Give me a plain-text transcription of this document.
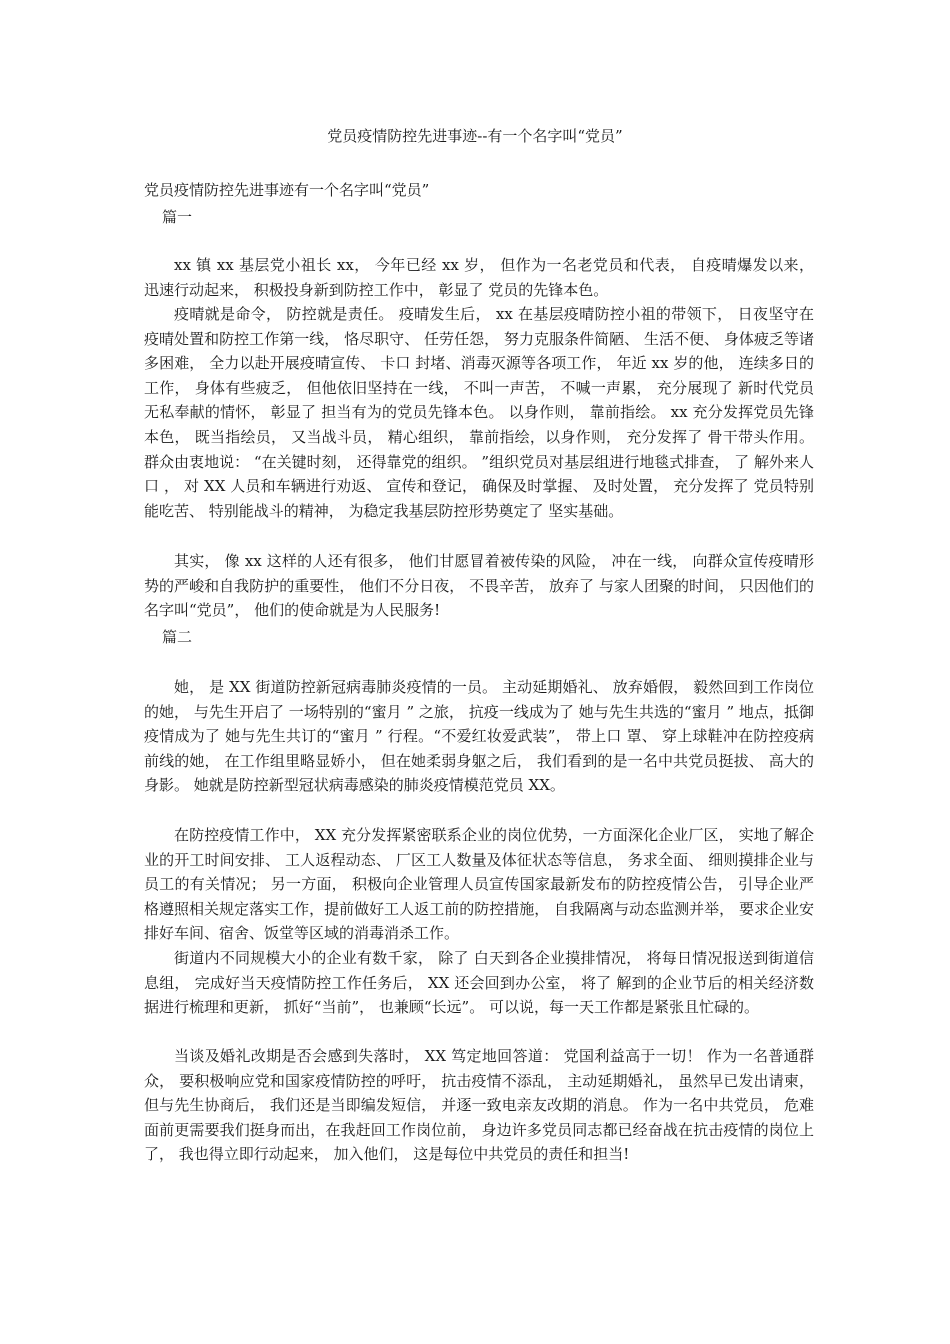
党员疫情防控先进事迹--有一个名字叫“党员”
党员疫情防控先进事迹有一个名字叫“党员”
篇一

xx 镇 xx 基层党小祖长 xx， 今年已经 xx 岁， 但作为一名老党员和代表， 自疫晴爆发以来， 迅速行动起来， 积极投身新到防控工作中， 彰显了 党员的先锋本色。

疫晴就是命令， 防控就是责任。 疫晴发生后， xx 在基层疫晴防控小祖的带领下， 日夜坚守在疫晴处置和防控工作第一线， 恪尽职守、 任劳任怨， 努力克服条件简陋、 生活不便、 身体疲乏等诸多困难， 全力以赴开展疫晴宣传、 卡口 封堵、消毒灭源等各项工作， 年近 xx 岁的他， 连续多日的工作， 身体有些疲乏， 但他依旧坚持在一线， 不叫一声苦， 不喊一声累， 充分展现了 新时代党员无私奉献的情怀， 彰显了 担当有为的党员先锋本色。 以身作则， 靠前指绘。 xx 充分发挥党员先锋本色， 既当指绘员， 又当战斗员， 精心组织， 靠前指绘，以身作则， 充分发挥了 骨干带头作用。 群众由衷地说： “在关键时刻， 还得靠党的组织。 ”组织党员对基层组进行地毯式排查， 了 解外来人口 ， 对 XX 人员和车辆进行劝返、 宣传和登记， 确保及时掌握、 及时处置， 充分发挥了 党员特别能吃苦、 特别能战斗的精神， 为稳定我基层防控形势奠定了 坚实基础。

其实， 像 xx 这样的人还有很多， 他们甘愿冒着被传染的风险， 冲在一线， 向群众宣传疫晴形势的严峻和自我防护的重要性， 他们不分日夜， 不畏辛苦， 放弃了 与家人团聚的时间， 只因他们的名字叫“党员”， 他们的使命就是为人民服务!

篇二

她， 是 XX 街道防控新冠病毒肺炎疫情的一员。 主动延期婚礼、 放弃婚假， 毅然回到工作岗位的她， 与先生开启了 一场特别的“蜜月 ” 之旅， 抗疫一线成为了 她与先生共选的“蜜月 ” 地点，抵御疫情成为了 她与先生共订的“蜜月 ” 行程。“不爱红妆爱武装”， 带上口 罩、 穿上球鞋冲在防控疫病前线的她， 在工作组里略显娇小， 但在她柔弱身躯之后， 我们看到的是一名中共党员挺拔、 高大的身影。 她就是防控新型冠状病毒感染的肺炎疫情模范党员 XX。

在防控疫情工作中， XX 充分发挥紧密联系企业的岗位优势，一方面深化企业厂区， 实地了解企业的开工时间安排、 工人返程动态、 厂区工人数量及体征状态等信息， 务求全面、 细则摸排企业与员工的有关情况； 另一方面， 积极向企业管理人员宣传国家最新发布的防控疫情公告， 引导企业严格遵照相关规定落实工作，提前做好工人返工前的防控措施， 自我隔离与动态监测并举， 要求企业安排好车间、宿舍、饭堂等区域的消毒消杀工作。

街道内不同规模大小的企业有数千家， 除了 白天到各企业摸排情况， 将每日情况报送到街道信息组， 完成好当天疫情防控工作任务后， XX 还会回到办公室， 将了 解到的企业节后的相关经济数据进行梳理和更新， 抓好“当前”， 也兼顾“长远”。 可以说，每一天工作都是紧张且忙碌的。

当谈及婚礼改期是否会感到失落时， XX 笃定地回答道： 党国利益高于一切！ 作为一名普通群众， 要积极响应党和国家疫情防控的呼吁， 抗击疫情不添乱， 主动延期婚礼， 虽然早已发出请柬， 但与先生协商后， 我们还是当即编发短信， 并逐一致电亲友改期的消息。 作为一名中共党员， 危难面前更需要我们挺身而出，在我赶回工作岗位前， 身边许多党员同志都已经奋战在抗击疫情的岗位上了， 我也得立即行动起来， 加入他们， 这是每位中共党员的责任和担当!
